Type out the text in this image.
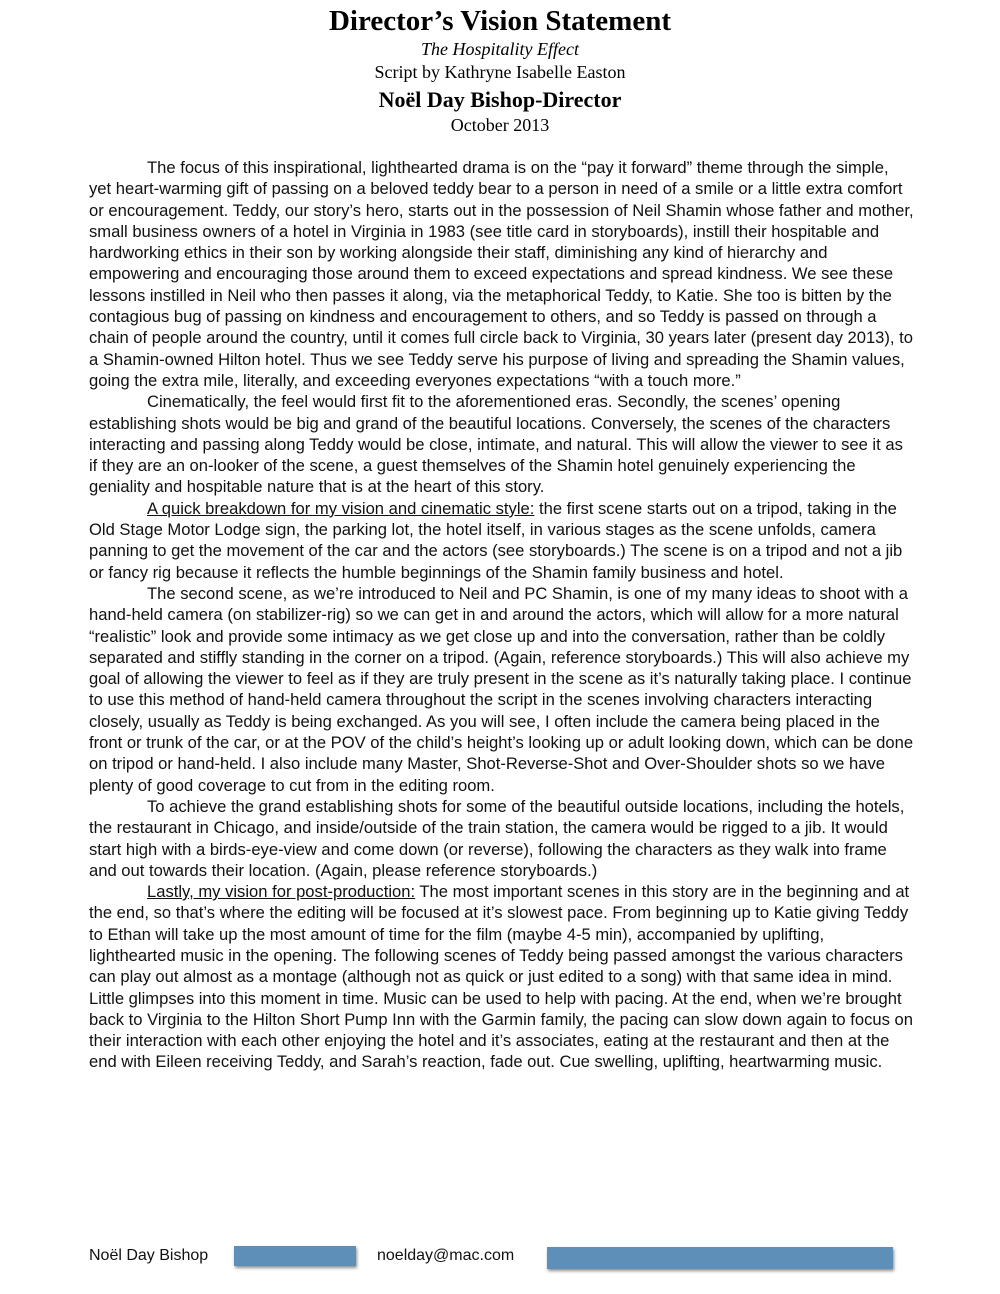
Director’s Vision Statement
The Hospitality Effect
Script by Kathryne Isabelle Easton
Noël Day Bishop-Director
October 2013

The focus of this inspirational, lighthearted drama is on the “pay it forward” theme through the simple, yet heart-warming gift of passing on a beloved teddy bear to a person in need of a smile or a little extra comfort or encouragement. Teddy, our story’s hero, starts out in the possession of Neil Shamin whose father and mother, small business owners of a hotel in Virginia in 1983 (see title card in storyboards), instill their hospitable and hardworking ethics in their son by working alongside their staff, diminishing any kind of hierarchy and empowering and encouraging those around them to exceed expectations and spread kindness. We see these lessons instilled in Neil who then passes it along, via the metaphorical Teddy, to Katie. She too is bitten by the contagious bug of passing on kindness and encouragement to others, and so Teddy is passed on through a chain of people around the country, until it comes full circle back to Virginia, 30 years later (present day 2013), to a Shamin-owned Hilton hotel. Thus we see Teddy serve his purpose of living and spreading the Shamin values, going the extra mile, literally, and exceeding everyones expectations “with a touch more.”

Cinematically, the feel would first fit to the aforementioned eras. Secondly, the scenes’ opening establishing shots would be big and grand of the beautiful locations. Conversely, the scenes of the characters interacting and passing along Teddy would be close, intimate, and natural. This will allow the viewer to see it as if they are an on-looker of the scene, a guest themselves of the Shamin hotel genuinely experiencing the geniality and hospitable nature that is at the heart of this story.

A quick breakdown for my vision and cinematic style: the first scene starts out on a tripod, taking in the Old Stage Motor Lodge sign, the parking lot, the hotel itself, in various stages as the scene unfolds, camera panning to get the movement of the car and the actors (see storyboards.) The scene is on a tripod and not a jib or fancy rig because it reflects the humble beginnings of the Shamin family business and hotel.

The second scene, as we’re introduced to Neil and PC Shamin, is one of my many ideas to shoot with a hand-held camera (on stabilizer-rig) so we can get in and around the actors, which will allow for a more natural “realistic” look and provide some intimacy as we get close up and into the conversation, rather than be coldly separated and stiffly standing in the corner on a tripod. (Again, reference storyboards.) This will also achieve my goal of allowing the viewer to feel as if they are truly present in the scene as it’s naturally taking place. I continue to use this method of hand-held camera throughout the script in the scenes involving characters interacting closely, usually as Teddy is being exchanged. As you will see, I often include the camera being placed in the front or trunk of the car, or at the POV of the child’s height’s looking up or adult looking down, which can be done on tripod or hand-held. I also include many Master, Shot-Reverse-Shot and Over-Shoulder shots so we have plenty of good coverage to cut from in the editing room.

To achieve the grand establishing shots for some of the beautiful outside locations, including the hotels, the restaurant in Chicago, and inside/outside of the train station, the camera would be rigged to a jib. It would start high with a birds-eye-view and come down (or reverse), following the characters as they walk into frame and out towards their location. (Again, please reference storyboards.)

Lastly, my vision for post-production: The most important scenes in this story are in the beginning and at the end, so that’s where the editing will be focused at it’s slowest pace. From beginning up to Katie giving Teddy to Ethan will take up the most amount of time for the film (maybe 4-5 min), accompanied by uplifting, lighthearted music in the opening. The following scenes of Teddy being passed amongst the various characters can play out almost as a montage (although not as quick or just edited to a song) with that same idea in mind. Little glimpses into this moment in time. Music can be used to help with pacing. At the end, when we’re brought back to Virginia to the Hilton Short Pump Inn with the Garmin family, the pacing can slow down again to focus on their interaction with each other enjoying the hotel and it’s associates, eating at the restaurant and then at the end with Eileen receiving Teddy, and Sarah’s reaction, fade out. Cue swelling, uplifting, heartwarming music.

Noël Day Bishop	noelday@mac.com
